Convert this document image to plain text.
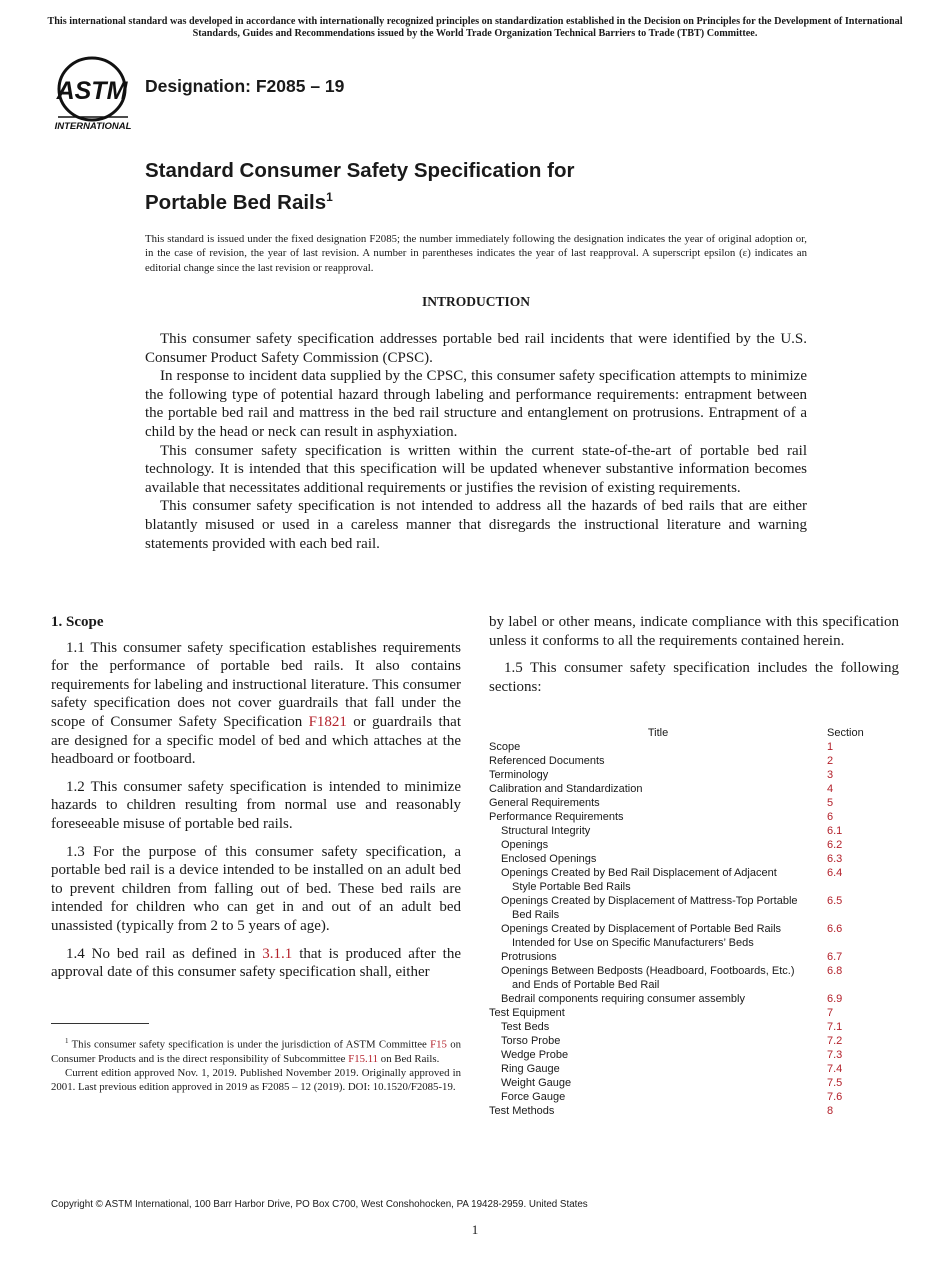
This international standard was developed in accordance with internationally recognized principles on standardization established in the Decision on Principles for the Development of International Standards, Guides and Recommendations issued by the World Trade Organization Technical Barriers to Trade (TBT) Committee.
ASTM
INTERNATIONAL
Designation: F2085 – 19
Standard Consumer Safety Specification for
Portable Bed Rails$^1$
This standard is issued under the fixed designation F2085; the number immediately following the designation indicates the year of original adoption or, in the case of revision, the year of last revision. A number in parentheses indicates the year of last reapproval. A superscript epsilon (ε) indicates an editorial change since the last revision or reapproval.
INTRODUCTION

This consumer safety specification addresses portable bed rail incidents that were identified by the U.S. Consumer Product Safety Commission (CPSC).

In response to incident data supplied by the CPSC, this consumer safety specification attempts to minimize the following type of potential hazard through labeling and performance requirements: entrapment between the portable bed rail and mattress in the bed rail structure and entanglement on protrusions. Entrapment of a child by the head or neck can result in asphyxiation.

This consumer safety specification is written within the current state-of-the-art of portable bed rail technology. It is intended that this specification will be updated whenever substantive information becomes available that necessitates additional requirements or justifies the revision of existing requirements.

This consumer safety specification is not intended to address all the hazards of bed rails that are either blatantly misused or used in a careless manner that disregards the instructional literature and warning statements provided with each bed rail.

1. Scope

1.1 This consumer safety specification establishes requirements for the performance of portable bed rails. It also contains requirements for labeling and instructional literature. This consumer safety specification does not cover guardrails that fall under the scope of Consumer Safety Specification F1821 or guardrails that are designed for a specific model of bed and which attaches at the headboard or footboard.

1.2 This consumer safety specification is intended to minimize hazards to children resulting from normal use and reasonably foreseeable misuse of portable bed rails.

1.3 For the purpose of this consumer safety specification, a portable bed rail is a device intended to be installed on an adult bed to prevent children from falling out of bed. These bed rails are intended for children who can get in and out of an adult bed unassisted (typically from 2 to 5 years of age).

1.4 No bed rail as defined in 3.1.1 that is produced after the approval date of this consumer safety specification shall, either

by label or other means, indicate compliance with this specification unless it conforms to all the requirements contained herein.

1.5 This consumer safety specification includes the following sections:

Title	Section
Scope	1
Referenced Documents	2
Terminology	3
Calibration and Standardization	4
General Requirements	5
Performance Requirements	6
Structural Integrity	6.1
Openings	6.2
Enclosed Openings	6.3
Openings Created by Bed Rail Displacement of Adjacent
Style Portable Bed Rails
6.4
Openings Created by Displacement of Mattress-Top Portable
Bed Rails
6.5
Openings Created by Displacement of Portable Bed Rails
Intended for Use on Specific Manufacturers’ Beds
6.6
Protrusions	6.7
Openings Between Bedposts (Headboard, Footboards, Etc.)
and Ends of Portable Bed Rail
6.8
Bedrail components requiring consumer assembly	6.9
Test Equipment	7
Test Beds	7.1
Torso Probe	7.2
Wedge Probe	7.3
Ring Gauge	7.4
Weight Gauge	7.5
Force Gauge	7.6
Test Methods	8

$^1$ This consumer safety specification is under the jurisdiction of ASTM Committee F15 on Consumer Products and is the direct responsibility of Subcommittee F15.11 on Bed Rails.

Current edition approved Nov. 1, 2019. Published November 2019. Originally approved in 2001. Last previous edition approved in 2019 as F2085 – 12 (2019). DOI: 10.1520/F2085-19.

Copyright © ASTM International, 100 Barr Harbor Drive, PO Box C700, West Conshohocken, PA 19428-2959. United States
1
